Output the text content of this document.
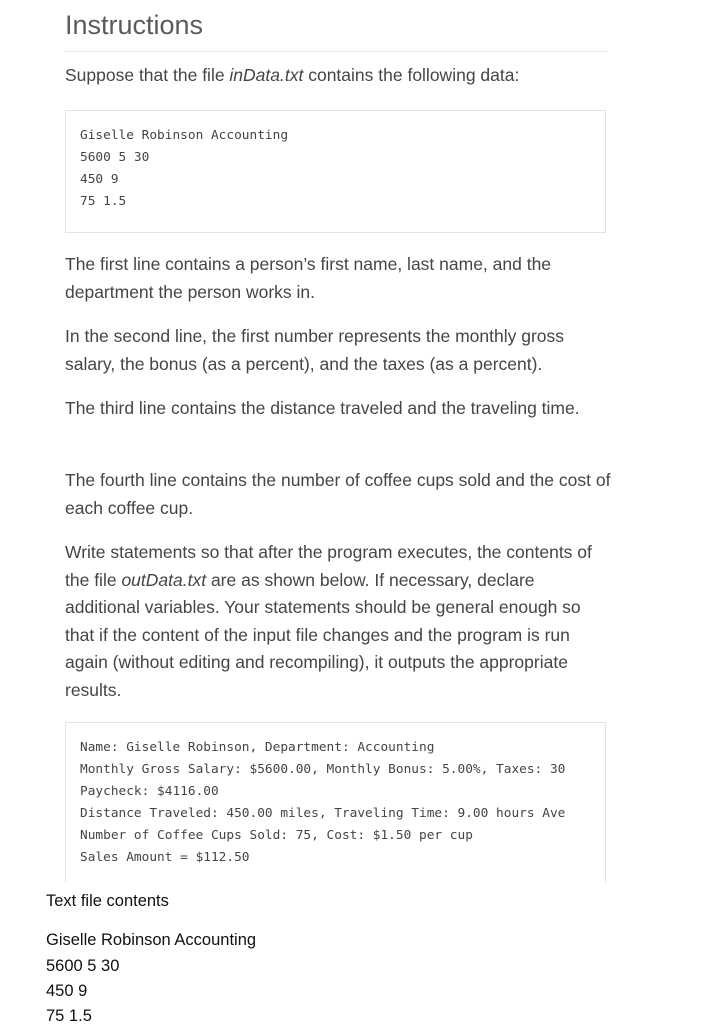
Instructions

Suppose that the file inData.txt contains the following data:

Giselle Robinson Accounting
5600 5 30
450 9
75 1.5

The first line contains a person’s first name, last name, and the department the person works in.

In the second line, the first number represents the monthly gross salary, the bonus (as a percent), and the taxes (as a percent).

The third line contains the distance traveled and the traveling time.

The fourth line contains the number of coffee cups sold and the cost of each coffee cup.

Write statements so that after the program executes, the contents of the file outData.txt are as shown below. If necessary, declare additional variables. Your statements should be general enough so that if the content of the input file changes and the program is run again (without editing and recompiling), it outputs the appropriate results.

Name: Giselle Robinson, Department: Accounting
Monthly Gross Salary: $5600.00, Monthly Bonus: 5.00%, Taxes: 30
Paycheck: $4116.00
Distance Traveled: 450.00 miles, Traveling Time: 9.00 hours Ave
Number of Coffee Cups Sold: 75, Cost: $1.50 per cup
Sales Amount = $112.50

Text file contents

Giselle Robinson Accounting

5600 5 30

450 9

75 1.5
